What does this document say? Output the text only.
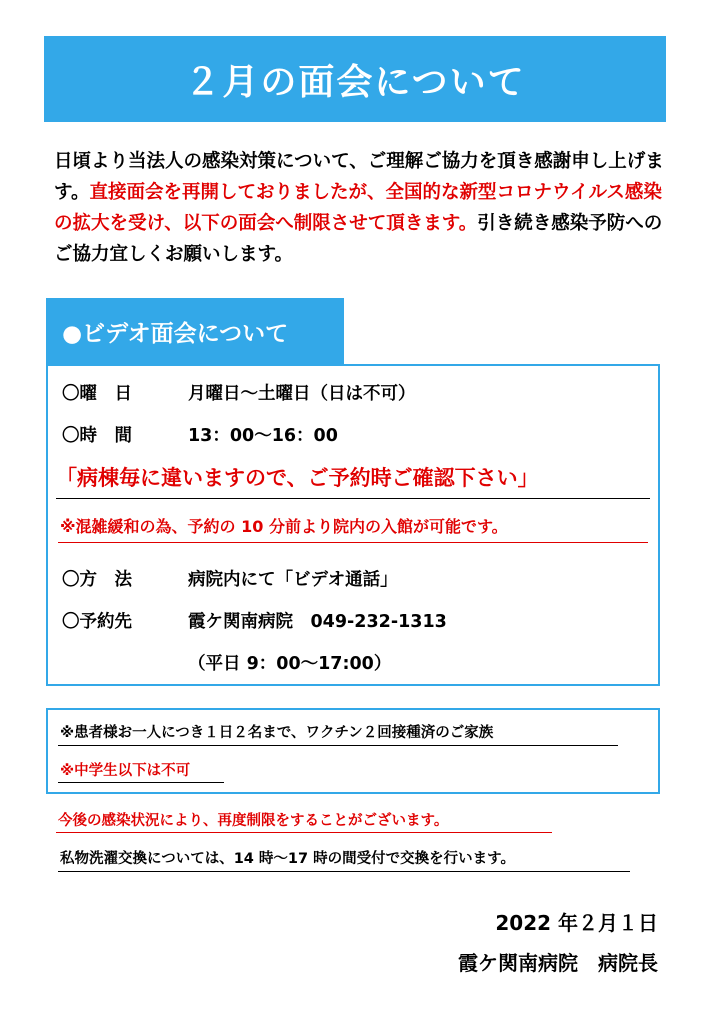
２月の面会について
日頃より当法人の感染対策について、ご理解ご協力を頂き感謝申し上げます。直接面会を再開しておりましたが、全国的な新型コロナウイルス感染の拡大を受け、以下の面会へ制限させて頂きます。引き続き感染予防へのご協力宜しくお願いします。
●ビデオ面会について
〇曜　日	月曜日～土曜日（日は不可）
〇時　間	13：00～16：00
「病棟毎に違いますので、ご予約時ご確認下さい」
※混雑緩和の為、予約の 10 分前より院内の入館が可能です。
〇方　法	病院内にて「ビデオ通話」
〇予約先	霞ケ関南病院　049-232-1313
（平日 9：00～17:00）
※患者様お一人につき１日２名まで、ワクチン２回接種済のご家族
※中学生以下は不可
今後の感染状況により、再度制限をすることがございます。
私物洗濯交換については、14 時～17 時の間受付で交換を行います。
2022 年２月１日
霞ケ関南病院　病院長
